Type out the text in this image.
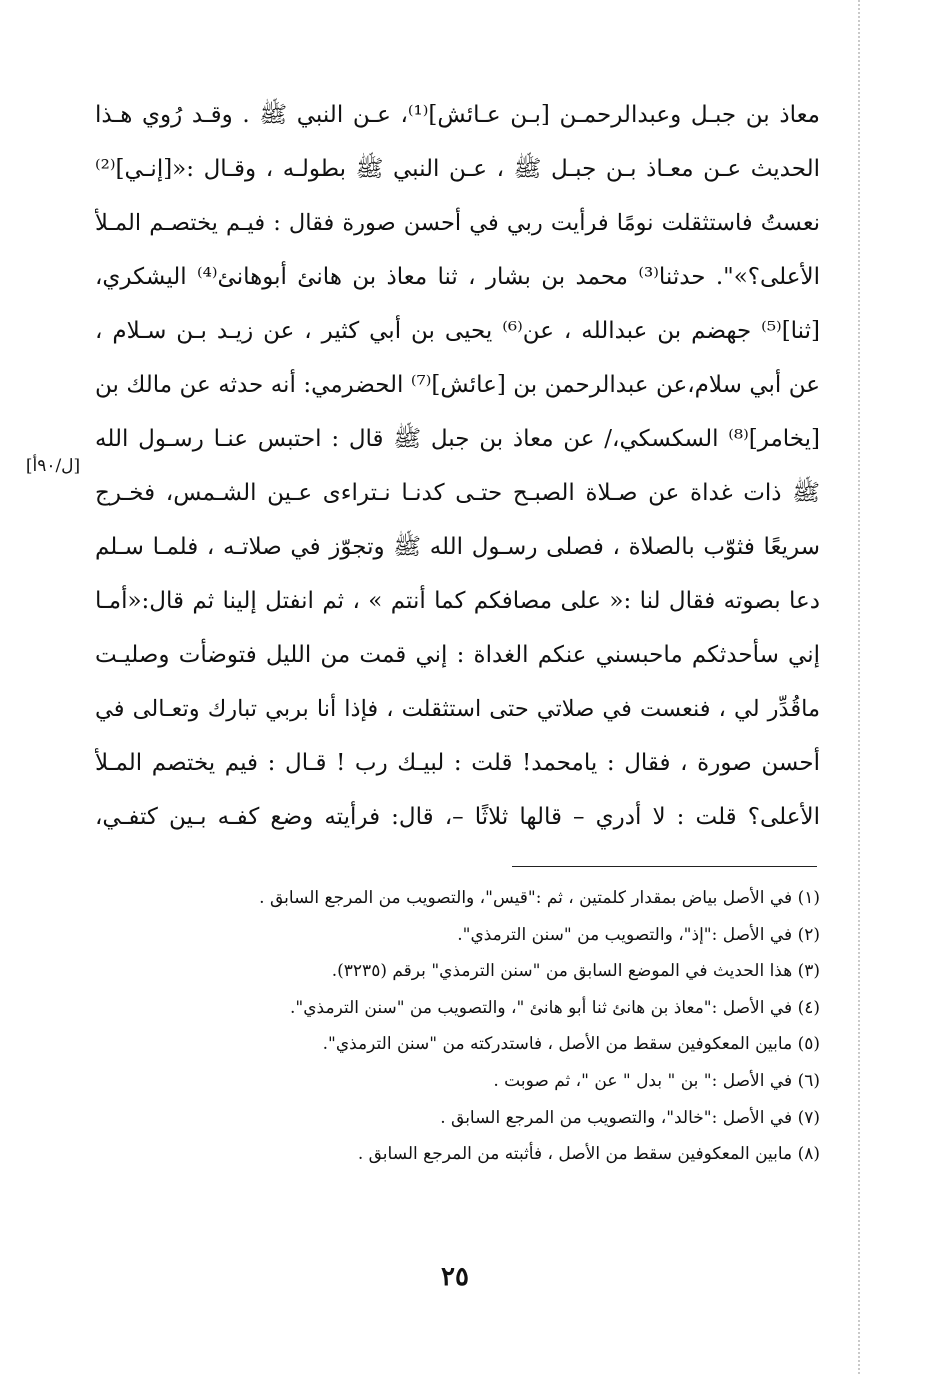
[ل/٩٠أ]
معاذ بن جبـل وعبدالرحمـن [بـن عـائش]⁽¹⁾، عـن النبي ﷺ . وقـد رُوي هـذا
الحديث عـن معـاذ بـن جبـل ﷺ ، عـن النبي ﷺ بطولـه ، وقـال :«[إنـي]⁽²⁾
نعستُ فاستثقلت نومًا فرأيت ربي في أحسن صورة فقال : فيـم يختصـم المـلأ
الأعلى؟»". حدثنا⁽³⁾ محمد بن بشار ، ثنا معاذ بن هانئ أبوهانئ⁽⁴⁾ اليشكري،
[ثنا]⁽⁵⁾ جهضم بن عبدالله ، عن⁽⁶⁾ يحيى بن أبي كثير ، عن زيـد بـن سـلام ،
عن أبي سلام،عن عبدالرحمن بن [عائش]⁽⁷⁾ الحضرمي: أنه حدثه عن مالك بن
[يخامر]⁽⁸⁾ السكسكي،/ عن معاذ بن جبل ﷺ قال : احتبس عنـا رسـول الله
ﷺ ذات غداة عن صـلاة الصبـح حتـى كدنـا نـتراءى عـين الشـمس، فخـرج
سريعًا فثوّب بالصلاة ، فصلى رسـول الله ﷺ وتجوّز في صلاتـه ، فلمـا سـلم
دعا بصوته فقال لنا :« على مصافكم كما أنتم » ، ثم انفتل إلينا ثم قال:«أمـا
إني سأحدثكم ماحبسني عنكم الغداة : إني قمت من الليل فتوضأت وصليـت
ماقُدِّر لي ، فنعست في صلاتي حتى استثقلت ، فإذا أنا بربي تبارك وتعـالى في
أحسن صورة ، فقال : يامحمد! قلت : لبيـك رب ! قـال : فيم يختصم المـلأ
الأعلى؟ قلت : لا أدري – قالها ثلاثًا –، قال: فرأيته وضع كفـه بـين كتفـي،
(١) في الأصل بياض بمقدار كلمتين ، ثم :"قيس"، والتصويب من المرجع السابق .
(٢) في الأصل :"إذ"، والتصويب من "سنن الترمذي".
(٣) هذا الحديث في الموضع السابق من "سنن الترمذي" برقم (٣٢٣٥).
(٤) في الأصل :"معاذ بن هانئ ثنا أبو هانئ "، والتصويب من "سنن الترمذي".
(٥) مابين المعكوفين سقط من الأصل ، فاستدركته من "سنن الترمذي".
(٦) في الأصل :" بن " بدل " عن "، ثم صوبت .
(٧) في الأصل :"خالد"، والتصويب من المرجع السابق .
(٨) مابين المعكوفين سقط من الأصل ، فأثبته من المرجع السابق .
٢٥
